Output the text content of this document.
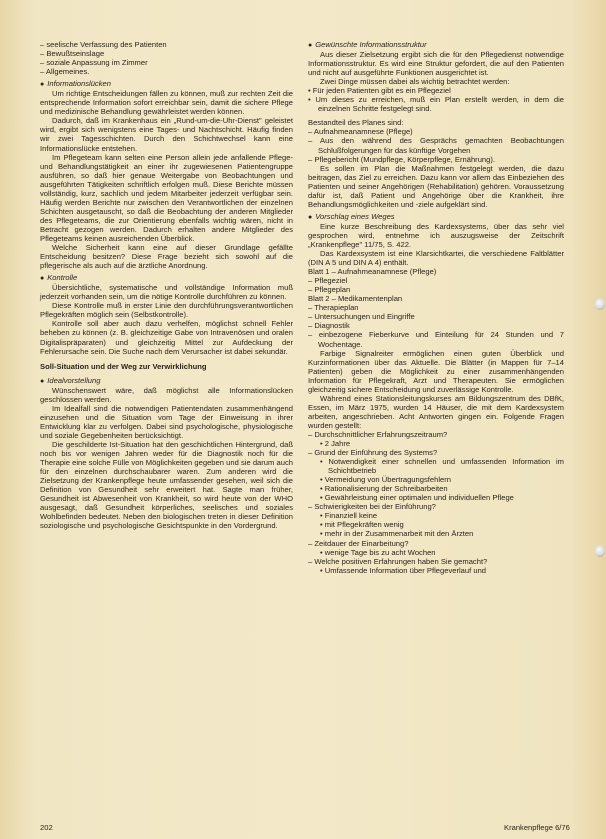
– seelische Verfassung des Patienten

– Bewußtseinslage

– soziale Anpassung im Zimmer

– Allgemeines.

● Informationslücken

Um richtige Entscheidungen fällen zu können, muß zur rechten Zeit die entsprechende Information sofort erreichbar sein, damit die sichere Pflege und medizinische Behandlung gewährleistet werden können.

Dadurch, daß im Krankenhaus ein „Rund-um-die-Uhr-Dienst" geleistet wird, ergibt sich wenigstens eine Tages- und Nachtschicht. Häufig finden wir zwei Tagesschichten. Durch den Schichtwechsel kann eine Informationslücke entstehen.

Im Pflegeteam kann selten eine Person allein jede anfallende Pflege- und Behandlungstätigkeit an einer ihr zugewiesenen Patientengruppe ausführen, so daß hier genaue Weitergabe von Beobachtungen und ausgeführten Tätigkeiten schriftlich erfolgen muß. Diese Berichte müssen vollständig, kurz, sachlich und jedem Mitarbeiter jederzeit verfügbar sein. Häufig werden Berichte nur zwischen den Verantwortlichen der einzelnen Schichten ausgetauscht, so daß die Beobachtung der anderen Mitglieder des Pflegeteams, die zur Orientierung ebenfalls wichtig wären, nicht in Betracht gezogen werden. Dadurch erhalten andere Mitglieder des Pflegeteams keinen ausreichenden Überblick.

Welche Sicherheit kann eine auf dieser Grundlage gefällte Entscheidung besitzen? Diese Frage bezieht sich sowohl auf die pflegerische als auch auf die ärztliche Anordnung.

● Kontrolle

Übersichtliche, systematische und vollständige Information muß jederzeit vorhanden sein, um die nötige Kontrolle durchführen zu können.

Diese Kontrolle muß in erster Linie den durchführungsverantwortlichen Pflegekräften möglich sein (Selbstkontrolle).

Kontrolle soll aber auch dazu verhelfen, möglichst schnell Fehler beheben zu können (z. B. gleichzeitige Gabe von Intravenösen und oralen Digitalispräparaten) und gleichzeitig Mittel zur Aufdeckung der Fehlerursache sein. Die Suche nach dem Verursacher ist dabei sekundär.

Soll-Situation und der Weg zur Verwirklichung

● Idealvorstellung

Wünschenswert wäre, daß möglichst alle Informationslücken geschlossen werden.

Im Idealfall sind die notwendigen Patientendaten zusammenhängend einzusehen und die Situation vom Tage der Einweisung in ihrer Entwicklung klar zu verfolgen. Dabei sind psychologische, physiologische und soziale Gegebenheiten berücksichtigt.

Die geschilderte Ist-Situation hat den geschichtlichen Hintergrund, daß noch bis vor wenigen Jahren weder für die Diagnostik noch für die Therapie eine solche Fülle von Möglichkeiten gegeben und sie darum auch für den einzelnen durchschaubarer waren. Zum anderen wird die Zielsetzung der Krankenpflege heute umfassender gesehen, weil sich die Definition von Gesundheit sehr erweitert hat. Sagte man früher, Gesundheit ist Abwesenheit von Krankheit, so wird heute von der WHO ausgesagt, daß Gesundheit körperliches, seelisches und soziales Wohlbefinden bedeutet. Neben den biologischen treten in dieser Definition soziologische und psychologische Gesichtspunkte in den Vordergrund.

● Gewünschte Informationsstruktur

Aus dieser Zielsetzung ergibt sich die für den Pflegedienst notwendige Informationsstruktur. Es wird eine Struktur gefordert, die auf den Patienten und nicht auf ausgeführte Funktionen ausgerichtet ist.

Zwei Dinge müssen dabei als wichtig betrachtet werden:

• Für jeden Patienten gibt es ein Pflegeziel

• Um dieses zu erreichen, muß ein Plan erstellt werden, in dem die einzelnen Schritte festgelegt sind.

Bestandteil des Planes sind:

– Aufnahmeanamnese (Pflege)

– Aus den während des Gesprächs gemachten Beobachtungen Schlußfolgerungen für das künftige Vorgehen

– Pflegebericht (Mundpflege, Körperpflege, Ernährung).

Es sollen im Plan die Maßnahmen festgelegt werden, die dazu beitragen, das Ziel zu erreichen. Dazu kann vor allem das Einbeziehen des Patienten und seiner Angehörigen (Rehabilitation) gehören. Voraussetzung dafür ist, daß Patient und Angehörige über die Krankheit, ihre Behandlungsmöglichkeiten und -ziele aufgeklärt sind.

● Vorschlag eines Weges

Eine kurze Beschreibung des Kardexsystems, über das sehr viel gesprochen wird, entnehme ich auszugsweise der Zeitschrift „Krankenpflege" 11/75, S. 422.

Das Kardexsystem ist eine Klarsichtkartei, die verschiedene Faltblätter (DIN A 5 und DIN A 4) enthält.

Blatt 1 – Aufnahmeanamnese (Pflege)

– Pflegeziel

– Pflegeplan

Blatt 2 – Medikamentenplan

– Therapieplan

– Untersuchungen und Eingriffe

– Diagnostik

– einbezogene Fieberkurve und Einteilung für 24 Stunden und 7 Wochentage.

Farbige Signalreiter ermöglichen einen guten Überblick und Kurzinformationen über das Aktuelle. Die Blätter (in Mappen für 7–14 Patienten) geben die Möglichkeit zu einer zusammenhängenden Information für Pflegekraft, Arzt und Therapeuten. Sie ermöglichen gleichzeitig sichere Entscheidung und zuverlässige Kontrolle.

Während eines Stationsleitungskurses am Bildungszentrum des DBfK, Essen, im März 1975, wurden 14 Häuser, die mit dem Kardexsystem arbeiten, angeschrieben. Acht Antworten gingen ein. Folgende Fragen wurden gestellt:

– Durchschnittlicher Erfahrungszeitraum?

• 2 Jahre

– Grund der Einführung des Systems?

• Notwendigkeit einer schnellen und umfassenden Information im Schichtbetrieb

• Vermeidung von Übertragungsfehlern

• Rationalisierung der Schreibarbeiten

• Gewährleistung einer optimalen und individuellen Pflege

– Schwierigkeiten bei der Einführung?

• Finanziell keine

• mit Pflegekräften wenig

• mehr in der Zusammenarbeit mit den Ärzten

– Zeitdauer der Einarbeitung?

• wenige Tage bis zu acht Wochen

– Welche positiven Erfahrungen haben Sie gemacht?

• Umfassende Information über Pflegeverlauf und

202	Krankenpflege 6/76
